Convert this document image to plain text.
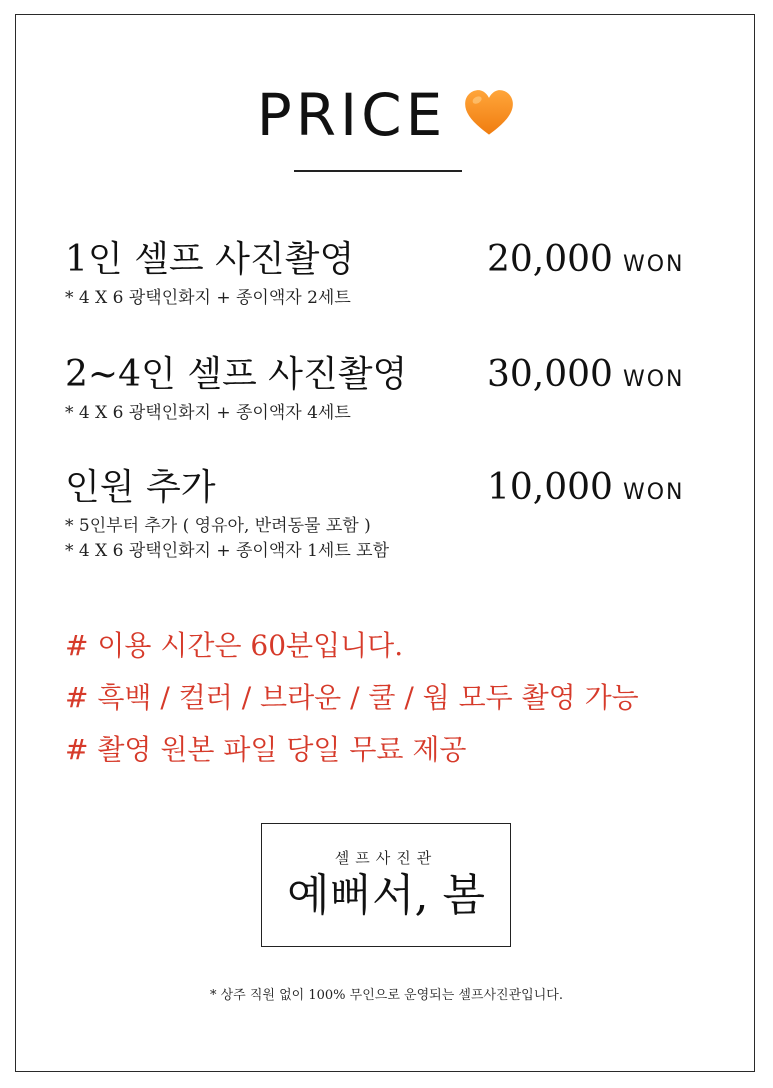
PRICE
1인 셀프 사진촬영	20,000 WON
* 4 X 6 광택인화지 + 종이액자 2세트
2~4인 셀프 사진촬영 30,000 WON
* 4 X 6 광택인화지 + 종이액자 4세트
인원 추가	10,000 WON
* 5인부터 추가 ( 영유아, 반려동물 포함 )
* 4 X 6 광택인화지 + 종이액자 1세트 포함
# 이용 시간은 60분입니다.
# 흑백 / 컬러 / 브라운 / 쿨 / 웜 모두 촬영 가능
# 촬영 원본 파일 당일 무료 제공
셀프사진관
예뻐서, 봄
* 상주 직원 없이 100% 무인으로 운영되는 셀프사진관입니다.
